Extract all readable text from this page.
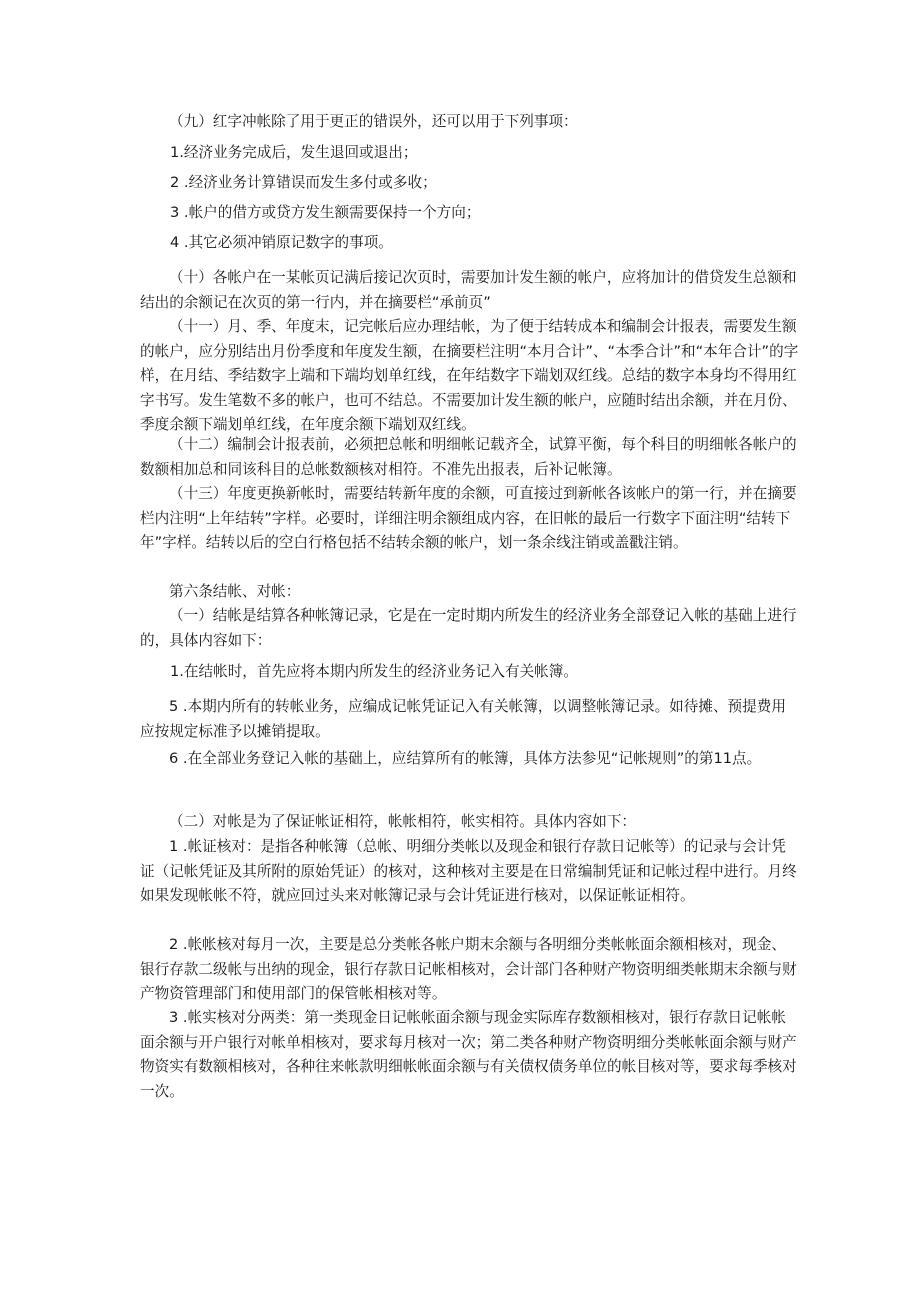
（九）红字冲帐除了用于更正的错误外，还可以用于下列事项：
1.经济业务完成后，发生退回或退出；
2 .经济业务计算错误而发生多付或多收；
3 .帐户的借方或贷方发生额需要保持一个方向；
4 .其它必须冲销原记数字的事项。
（十）各帐户在一某帐页记满后接记次页时，需要加计发生额的帐户，应将加计的借贷发生总额和结出的余额记在次页的第一行内，并在摘要栏“承前页”
（十一）月、季、年度末，记完帐后应办理结帐，为了便于结转成本和编制会计报表，需要发生额的帐户，应分别结出月份季度和年度发生额，在摘要栏注明“本月合计”、“本季合计”和“本年合计”的字样，在月结、季结数字上端和下端均划单红线，在年结数字下端划双红线。总结的数字本身均不得用红字书写。发生笔数不多的帐户，也可不结总。不需要加计发生额的帐户，应随时结出余额，并在月份、季度余额下端划单红线，在年度余额下端划双红线。
（十二）编制会计报表前，必须把总帐和明细帐记载齐全，试算平衡，每个科目的明细帐各帐户的数额相加总和同该科目的总帐数额核对相符。不准先出报表，后补记帐簿。
（十三）年度更换新帐时，需要结转新年度的余额，可直接过到新帐各该帐户的第一行，并在摘要栏内注明“上年结转”字样。必要时，详细注明余额组成内容，在旧帐的最后一行数字下面注明“结转下年”字样。结转以后的空白行格包括不结转余额的帐户，划一条余线注销或盖戳注销。
第六条结帐、对帐：
（一）结帐是结算各种帐簿记录，它是在一定时期内所发生的经济业务全部登记入帐的基础上进行的，具体内容如下：
1.在结帐时，首先应将本期内所发生的经济业务记入有关帐簿。
5 .本期内所有的转帐业务，应编成记帐凭证记入有关帐簿，以调整帐簿记录。如待摊、预提费用应按规定标准予以摊销提取。
6 .在全部业务登记入帐的基础上，应结算所有的帐簿，具体方法参见“记帐规则”的第11点。
（二）对帐是为了保证帐证相符，帐帐相符，帐实相符。具体内容如下：
1 .帐证核对：是指各种帐簿（总帐、明细分类帐以及现金和银行存款日记帐等）的记录与会计凭证（记帐凭证及其所附的原始凭证）的核对，这种核对主要是在日常编制凭证和记帐过程中进行。月终如果发现帐帐不符，就应回过头来对帐簿记录与会计凭证进行核对，以保证帐证相符。
2 .帐帐核对每月一次，主要是总分类帐各帐户期末余额与各明细分类帐帐面余额相核对，现金、银行存款二级帐与出纳的现金，银行存款日记帐相核对，会计部门各种财产物资明细类帐期末余额与财产物资管理部门和使用部门的保管帐相核对等。
3 .帐实核对分两类：第一类现金日记帐帐面余额与现金实际库存数额相核对，银行存款日记帐帐面余额与开户银行对帐单相核对，要求每月核对一次；第二类各种财产物资明细分类帐帐面余额与财产物资实有数额相核对，各种往来帐款明细帐帐面余额与有关债权债务单位的帐目核对等，要求每季核对一次。
